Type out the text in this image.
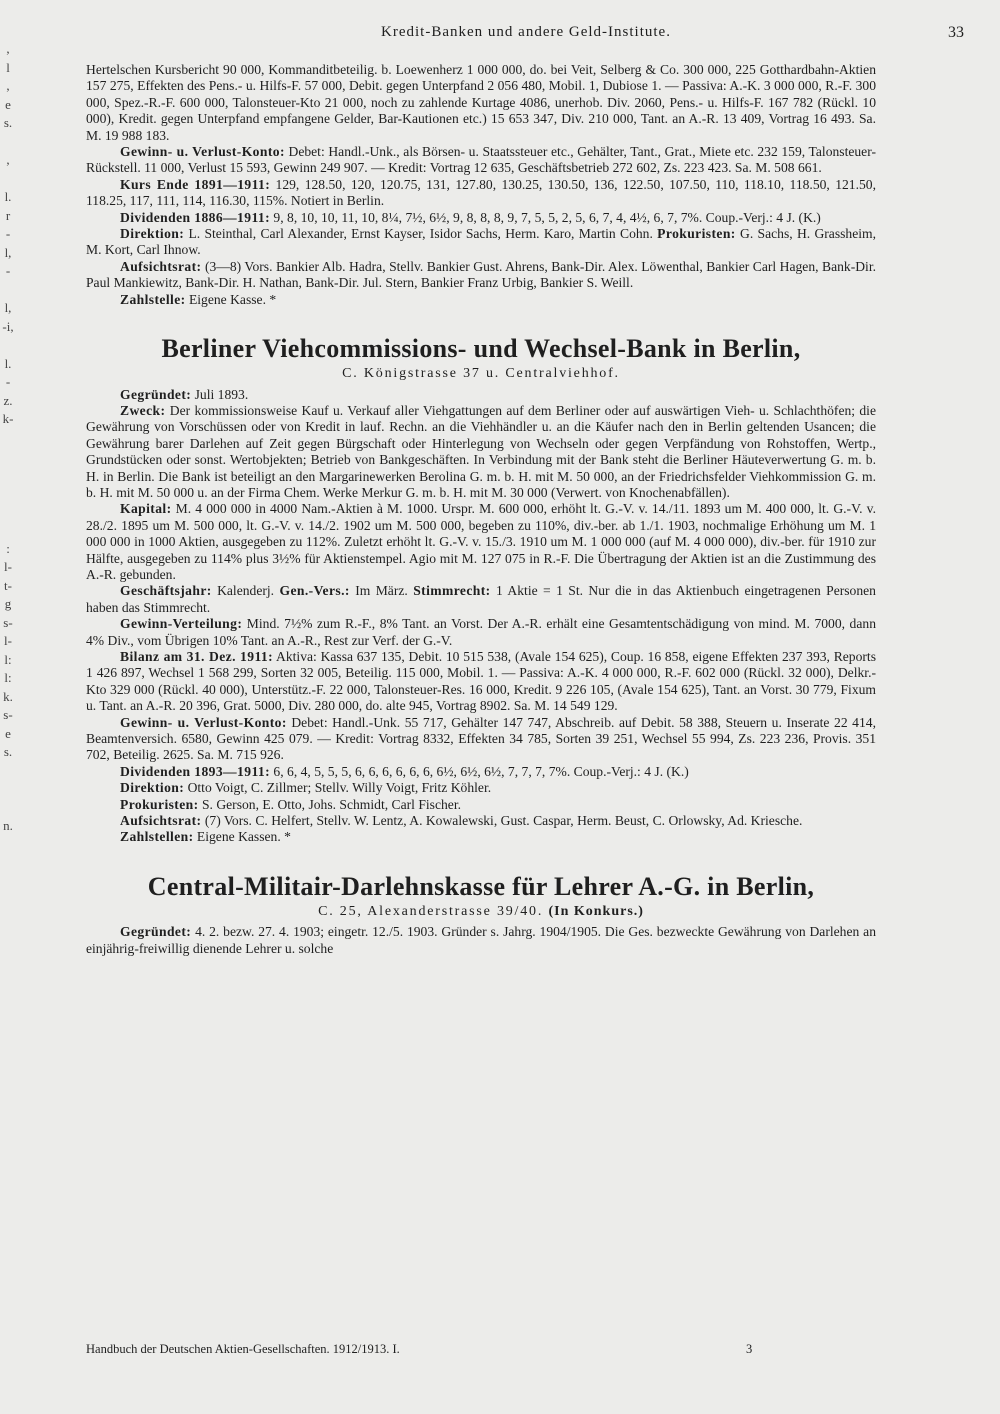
,
l
,
e
s.

,

l.
r
-
l,
-

l,
-i,

l.
-
z.
k-

:
l-
t-
g
s-
l-
l:
l:
k.
s-
e
s.

n.

Kredit-Banken und andere Geld-Institute.	33

Hertelschen Kursbericht 90 000, Kommanditbeteilig. b. Loewenherz 1 000 000, do. bei Veit, Selberg & Co. 300 000, 225 Gotthardbahn-Aktien 157 275, Effekten des Pens.- u. Hilfs-F. 57 000, Debit. gegen Unterpfand 2 056 480, Mobil. 1, Dubiose 1. — Passiva: A.-K. 3 000 000, R.-F. 300 000, Spez.-R.-F. 600 000, Talonsteuer-Kto 21 000, noch zu zahlende Kurtage 4086, unerhob. Div. 2060, Pens.- u. Hilfs-F. 167 782 (Rückl. 10 000), Kredit. gegen Unterpfand empfangene Gelder, Bar-Kautionen etc.) 15 653 347, Div. 210 000, Tant. an A.-R. 13 409, Vortrag 16 493. Sa. M. 19 988 183.

Gewinn- u. Verlust-Konto: Debet: Handl.-Unk., als Börsen- u. Staatssteuer etc., Gehälter, Tant., Grat., Miete etc. 232 159, Talonsteuer-Rückstell. 11 000, Verlust 15 593, Gewinn 249 907. — Kredit: Vortrag 12 635, Geschäftsbetrieb 272 602, Zs. 223 423. Sa. M. 508 661.

Kurs Ende 1891—1911: 129, 128.50, 120, 120.75, 131, 127.80, 130.25, 130.50, 136, 122.50, 107.50, 110, 118.10, 118.50, 121.50, 118.25, 117, 111, 114, 116.30, 115%. Notiert in Berlin.

Dividenden 1886—1911: 9, 8, 10, 10, 11, 10, 8¼, 7½, 6½, 9, 8, 8, 8, 9, 7, 5, 5, 2, 5, 6, 7, 4, 4½, 6, 7, 7%. Coup.-Verj.: 4 J. (K.)

Direktion: L. Steinthal, Carl Alexander, Ernst Kayser, Isidor Sachs, Herm. Karo, Martin Cohn. Prokuristen: G. Sachs, H. Grassheim, M. Kort, Carl Ihnow.

Aufsichtsrat: (3—8) Vors. Bankier Alb. Hadra, Stellv. Bankier Gust. Ahrens, Bank-Dir. Alex. Löwenthal, Bankier Carl Hagen, Bank-Dir. Paul Mankiewitz, Bank-Dir. H. Nathan, Bank-Dir. Jul. Stern, Bankier Franz Urbig, Bankier S. Weill.

Zahlstelle: Eigene Kasse. *

Berliner Viehcommissions- und Wechsel-Bank in Berlin,
C. Königstrasse 37 u. Centralviehhof.

Gegründet: Juli 1893.

Zweck: Der kommissionsweise Kauf u. Verkauf aller Viehgattungen auf dem Berliner oder auf auswärtigen Vieh- u. Schlachthöfen; die Gewährung von Vorschüssen oder von Kredit in lauf. Rechn. an die Viehhändler u. an die Käufer nach den in Berlin geltenden Usancen; die Gewährung barer Darlehen auf Zeit gegen Bürgschaft oder Hinterlegung von Wechseln oder gegen Verpfändung von Rohstoffen, Wertp., Grundstücken oder sonst. Wertobjekten; Betrieb von Bankgeschäften. In Verbindung mit der Bank steht die Berliner Häuteverwertung G. m. b. H. in Berlin. Die Bank ist beteiligt an den Margarinewerken Berolina G. m. b. H. mit M. 50 000, an der Friedrichsfelder Viehkommission G. m. b. H. mit M. 50 000 u. an der Firma Chem. Werke Merkur G. m. b. H. mit M. 30 000 (Verwert. von Knochenabfällen).

Kapital: M. 4 000 000 in 4000 Nam.-Aktien à M. 1000. Urspr. M. 600 000, erhöht lt. G.-V. v. 14./11. 1893 um M. 400 000, lt. G.-V. v. 28./2. 1895 um M. 500 000, lt. G.-V. v. 14./2. 1902 um M. 500 000, begeben zu 110%, div.-ber. ab 1./1. 1903, nochmalige Erhöhung um M. 1 000 000 in 1000 Aktien, ausgegeben zu 112%. Zuletzt erhöht lt. G.-V. v. 15./3. 1910 um M. 1 000 000 (auf M. 4 000 000), div.-ber. für 1910 zur Hälfte, ausgegeben zu 114% plus 3½% für Aktienstempel. Agio mit M. 127 075 in R.-F. Die Übertragung der Aktien ist an die Zustimmung des A.-R. gebunden.

Geschäftsjahr: Kalenderj. Gen.-Vers.: Im März. Stimmrecht: 1 Aktie = 1 St. Nur die in das Aktienbuch eingetragenen Personen haben das Stimmrecht.

Gewinn-Verteilung: Mind. 7½% zum R.-F., 8% Tant. an Vorst. Der A.-R. erhält eine Gesamtentschädigung von mind. M. 7000, dann 4% Div., vom Übrigen 10% Tant. an A.-R., Rest zur Verf. der G.-V.

Bilanz am 31. Dez. 1911: Aktiva: Kassa 637 135, Debit. 10 515 538, (Avale 154 625), Coup. 16 858, eigene Effekten 237 393, Reports 1 426 897, Wechsel 1 568 299, Sorten 32 005, Beteilig. 115 000, Mobil. 1. — Passiva: A.-K. 4 000 000, R.-F. 602 000 (Rückl. 32 000), Delkr.-Kto 329 000 (Rückl. 40 000), Unterstütz.-F. 22 000, Talonsteuer-Res. 16 000, Kredit. 9 226 105, (Avale 154 625), Tant. an Vorst. 30 779, Fixum u. Tant. an A.-R. 20 396, Grat. 5000, Div. 280 000, do. alte 945, Vortrag 8902. Sa. M. 14 549 129.

Gewinn- u. Verlust-Konto: Debet: Handl.-Unk. 55 717, Gehälter 147 747, Abschreib. auf Debit. 58 388, Steuern u. Inserate 22 414, Beamtenversich. 6580, Gewinn 425 079. — Kredit: Vortrag 8332, Effekten 34 785, Sorten 39 251, Wechsel 55 994, Zs. 223 236, Provis. 351 702, Beteilig. 2625. Sa. M. 715 926.

Dividenden 1893—1911: 6, 6, 4, 5, 5, 5, 6, 6, 6, 6, 6, 6, 6½, 6½, 6½, 7, 7, 7, 7%. Coup.-Verj.: 4 J. (K.)

Direktion: Otto Voigt, C. Zillmer; Stellv. Willy Voigt, Fritz Köhler.

Prokuristen: S. Gerson, E. Otto, Johs. Schmidt, Carl Fischer.

Aufsichtsrat: (7) Vors. C. Helfert, Stellv. W. Lentz, A. Kowalewski, Gust. Caspar, Herm. Beust, C. Orlowsky, Ad. Kriesche.

Zahlstellen: Eigene Kassen. *

Central-Militair-Darlehnskasse für Lehrer A.-G. in Berlin,
C. 25, Alexanderstrasse 39/40. (In Konkurs.)

Gegründet: 4. 2. bezw. 27. 4. 1903; eingetr. 12./5. 1903. Gründer s. Jahrg. 1904/1905. Die Ges. bezweckte Gewährung von Darlehen an einjährig-freiwillig dienende Lehrer u. solche

Handbuch der Deutschen Aktien-Gesellschaften. 1912/1913. I.	3
